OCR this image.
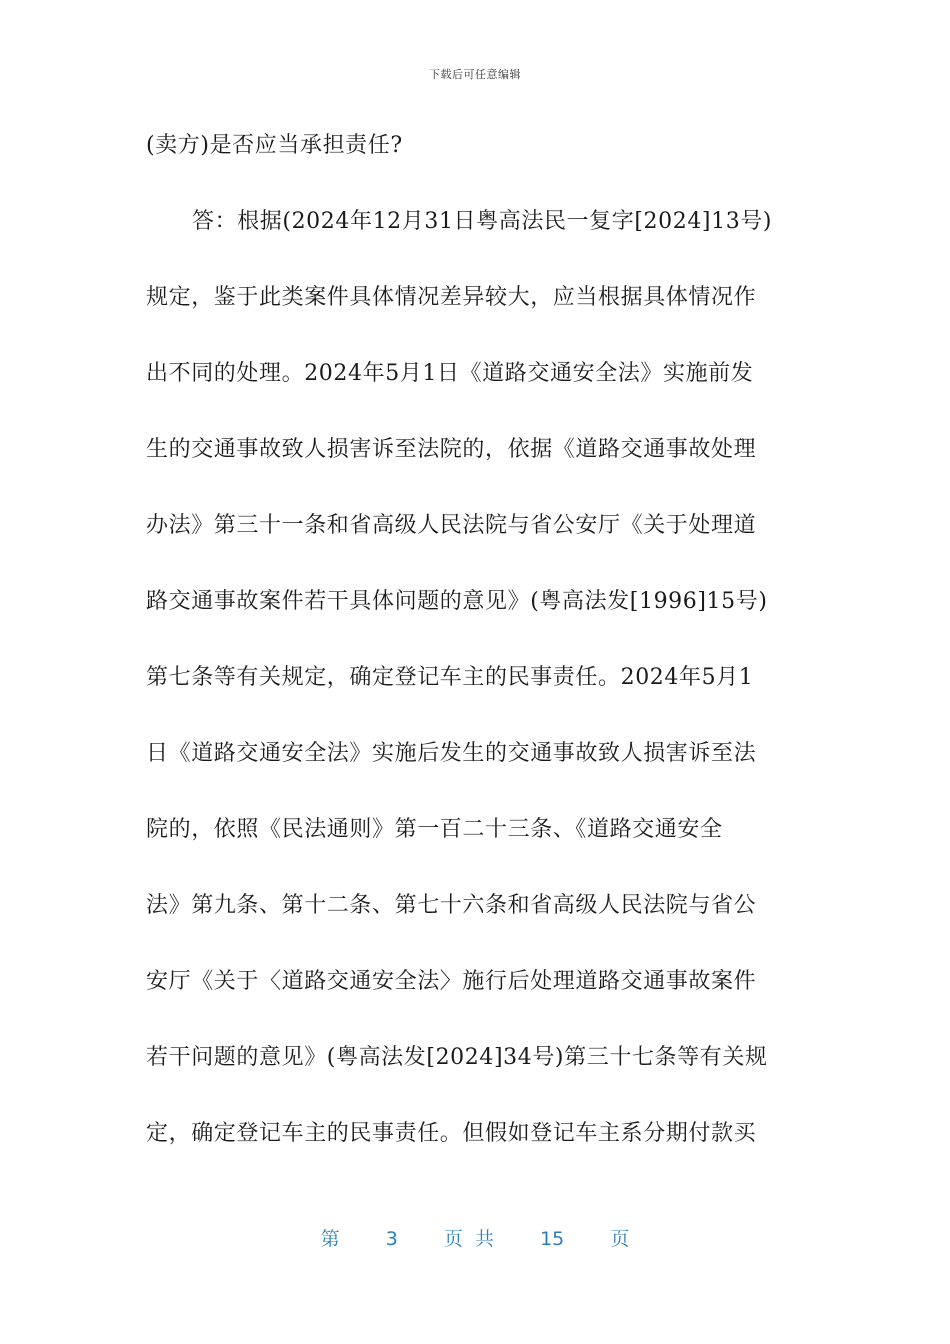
下载后可任意编辑
(卖方)是否应当承担责任?
答：根据(2024年12月31日粤高法民一复字[2024]13号)
规定，鉴于此类案件具体情况差异较大，应当根据具体情况作
出不同的处理。2024年5月1日《道路交通安全法》实施前发
生的交通事故致人损害诉至法院的，依据《道路交通事故处理
办法》第三十一条和省高级人民法院与省公安厅《关于处理道
路交通事故案件若干具体问题的意见》(粤高法发[1996]15号)
第七条等有关规定，确定登记车主的民事责任。2024年5月1
日《道路交通安全法》实施后发生的交通事故致人损害诉至法
院的，依照《民法通则》第一百二十三条、《道路交通安全
法》第九条、第十二条、第七十六条和省高级人民法院与省公
安厅《关于〈道路交通安全法〉施行后处理道路交通事故案件
若干问题的意见》(粤高法发[2024]34号)第三十七条等有关规
定，确定登记车主的民事责任。但假如登记车主系分期付款买
第 3 页 共 15 页
